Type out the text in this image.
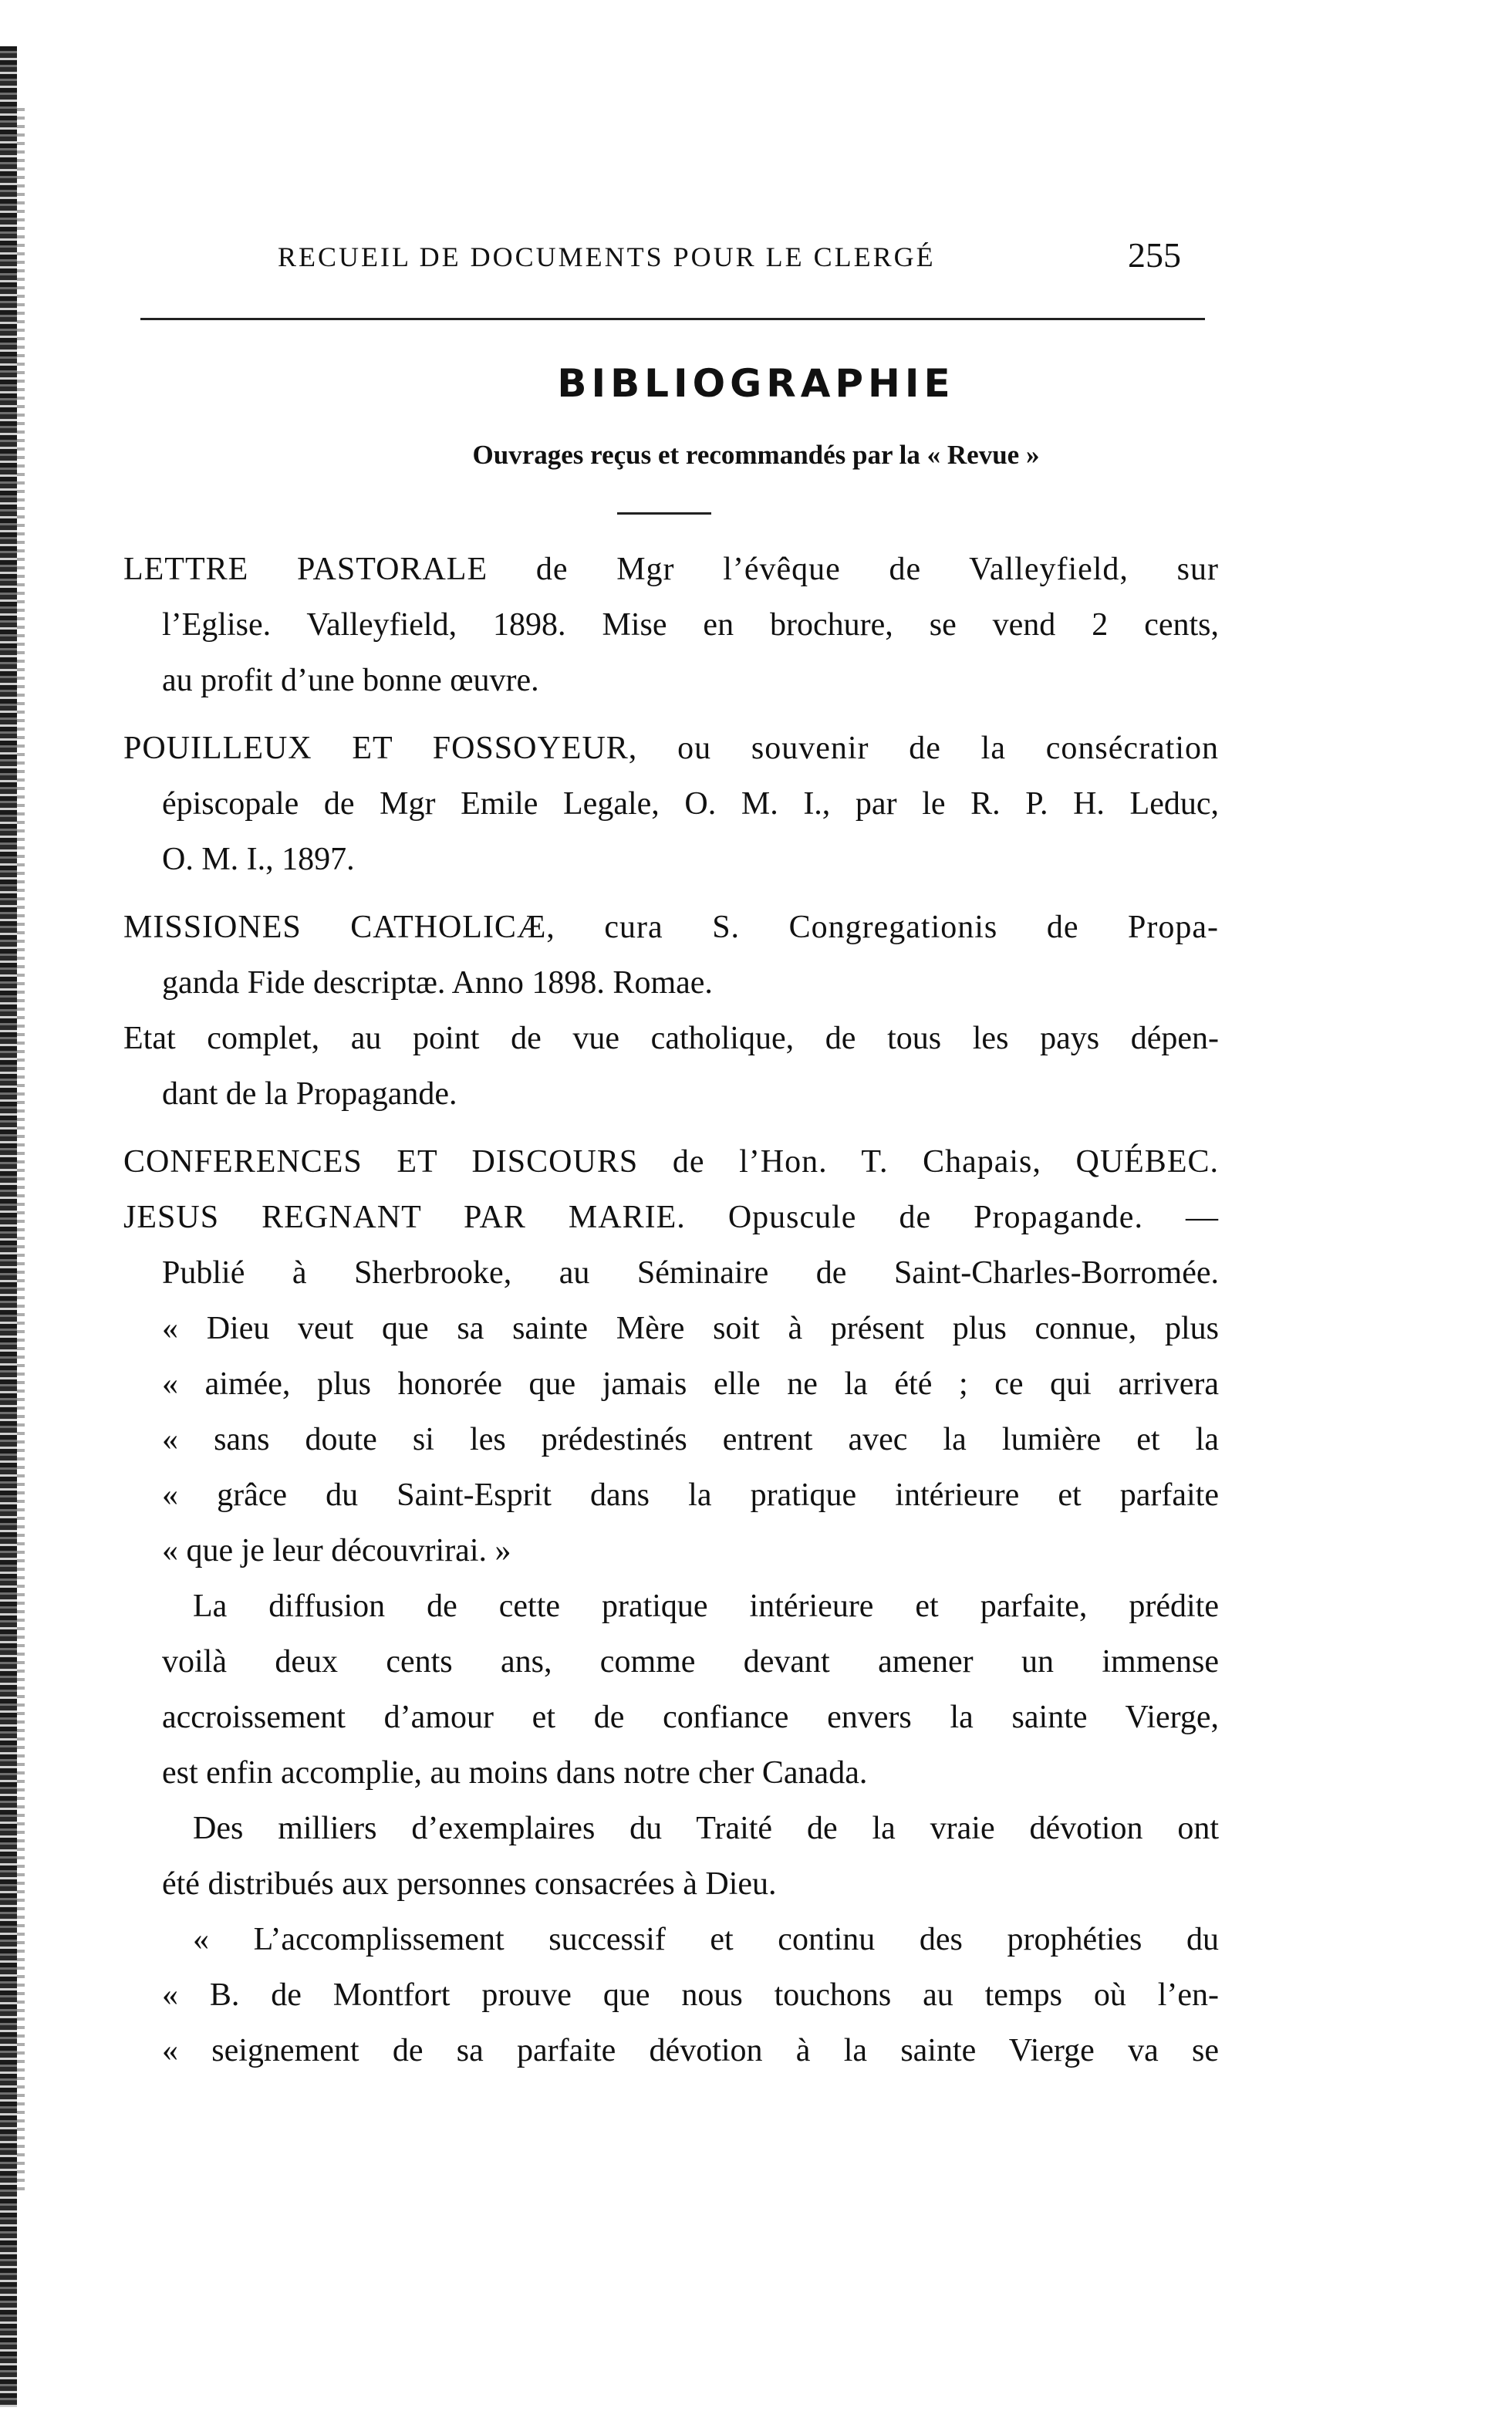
RECUEIL DE DOCUMENTS POUR LE CLERGÉ	255
BIBLIOGRAPHIE
Ouvrages reçus et recommandés par la « Revue »
LETTRE PASTORALE de Mgr l’évêque de Valleyfield, sur
l’Eglise. Valleyfield, 1898. Mise en brochure, se vend 2 cents,
au profit d’une bonne œuvre.
POUILLEUX ET FOSSOYEUR, ou souvenir de la consécration
épiscopale de Mgr Emile Legale, O. M. I., par le R. P. H. Leduc,
O. M. I., 1897.
MISSIONES CATHOLICÆ, cura S. Congregationis de Propa-
ganda Fide descriptæ. Anno 1898. Romae.
Etat complet, au point de vue catholique, de tous les pays dépen-
dant de la Propagande.
CONFERENCES ET DISCOURS de l’Hon. T. Chapais, QUÉBEC.
JESUS REGNANT PAR MARIE. Opuscule de Propagande. —
Publié à Sherbrooke, au Séminaire de Saint-Charles-Borromée.
« Dieu veut que sa sainte Mère soit à présent plus connue, plus
« aimée, plus honorée que jamais elle ne la été ; ce qui arrivera
« sans doute si les prédestinés entrent avec la lumière et la
« grâce du Saint-Esprit dans la pratique intérieure et parfaite
« que je leur découvrirai. »
La diffusion de cette pratique intérieure et parfaite, prédite
voilà deux cents ans, comme devant amener un immense
accroissement d’amour et de confiance envers la sainte Vierge,
est enfin accomplie, au moins dans notre cher Canada.
Des milliers d’exemplaires du Traité de la vraie dévotion ont
été distribués aux personnes consacrées à Dieu.
« L’accomplissement successif et continu des prophéties du
« B. de Montfort prouve que nous touchons au temps où l’en-
« seignement de sa parfaite dévotion à la sainte Vierge va se
